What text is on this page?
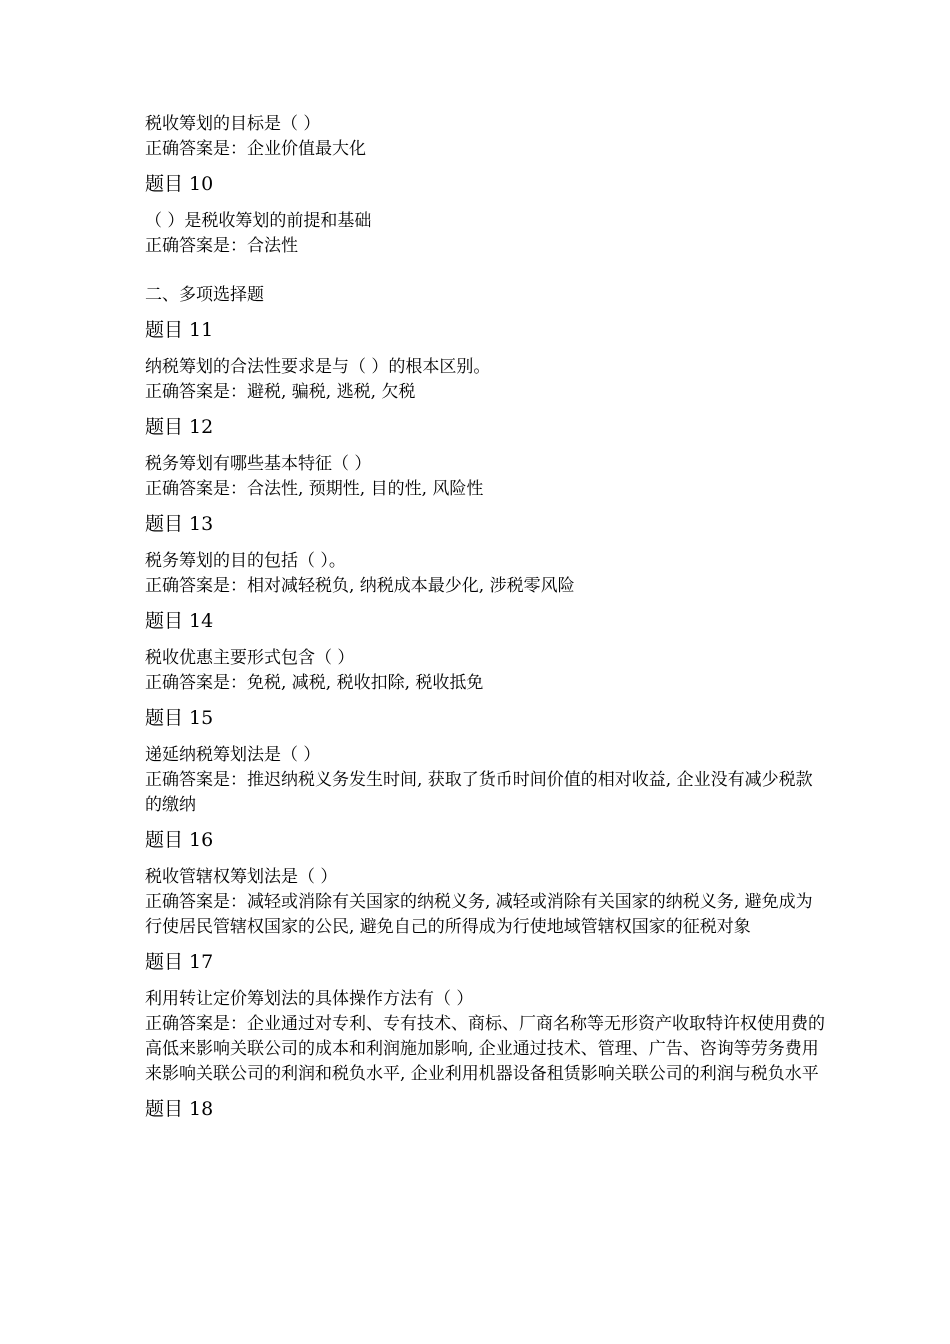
税收筹划的目标是（ ）

正确答案是：企业价值最大化

题目 10

（ ）是税收筹划的前提和基础

正确答案是：合法性

二、多项选择题

题目 11

纳税筹划的合法性要求是与（ ）的根本区别。

正确答案是：避税, 骗税, 逃税, 欠税

题目 12

税务筹划有哪些基本特征（ ）

正确答案是：合法性, 预期性, 目的性, 风险性

题目 13

税务筹划的目的包括（ ）。

正确答案是：相对减轻税负, 纳税成本最少化, 涉税零风险

题目 14

税收优惠主要形式包含（ ）

正确答案是：免税, 减税, 税收扣除, 税收抵免

题目 15

递延纳税筹划法是（ ）

正确答案是：推迟纳税义务发生时间, 获取了货币时间价值的相对收益, 企业没有减少税款的缴纳

题目 16

税收管辖权筹划法是（ ）

正确答案是：减轻或消除有关国家的纳税义务, 减轻或消除有关国家的纳税义务, 避免成为行使居民管辖权国家的公民, 避免自己的所得成为行使地域管辖权国家的征税对象

题目 17

利用转让定价筹划法的具体操作方法有（ ）

正确答案是：企业通过对专利、专有技术、商标、厂商名称等无形资产收取特许权使用费的高低来影响关联公司的成本和利润施加影响, 企业通过技术、管理、广告、咨询等劳务费用来影响关联公司的利润和税负水平, 企业利用机器设备租赁影响关联公司的利润与税负水平

题目 18
